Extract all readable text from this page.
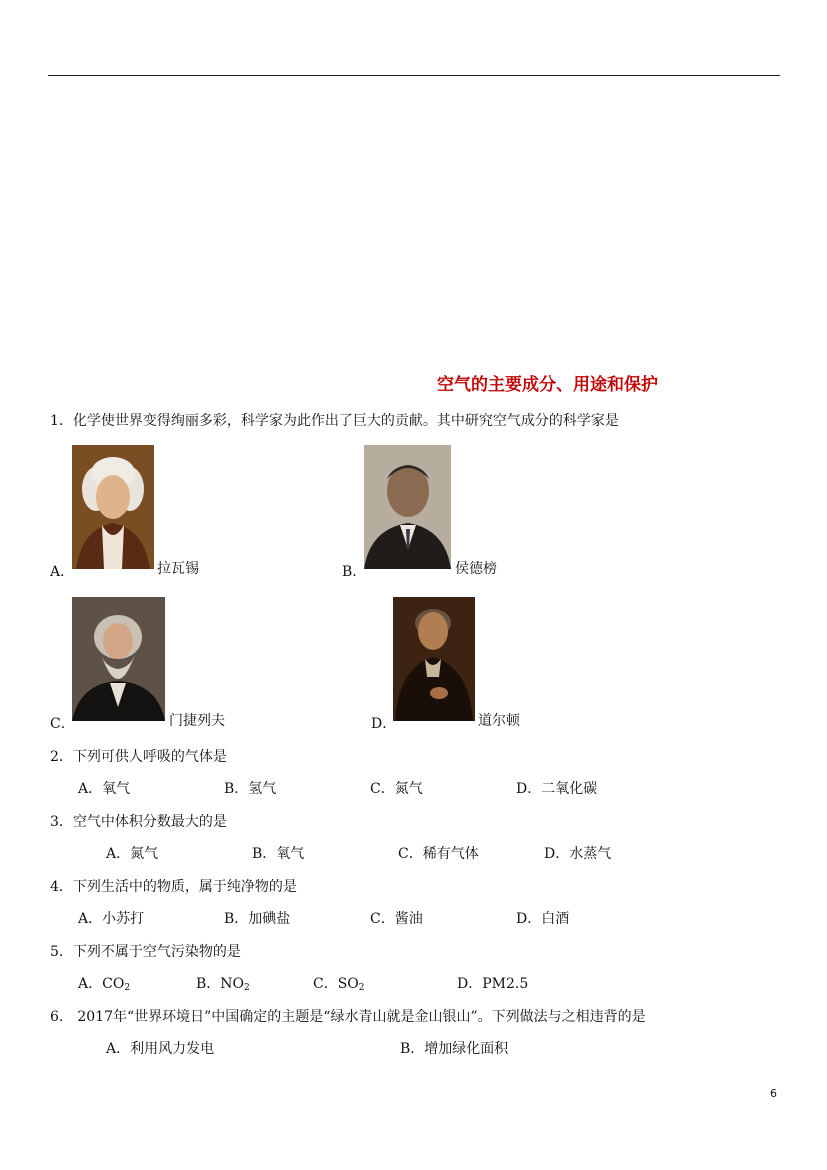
空气的主要成分、用途和保护
1．化学使世界变得绚丽多彩，科学家为此作出了巨大的贡献。其中研究空气成分的科学家是
A．	拉瓦锡	B．	侯德榜
C．	门捷列夫	D．	道尔顿
2．下列可供人呼吸的气体是
A．氧气	B．氢气	C．氮气	D．二氧化碳
3．空气中体积分数最大的是
A．氮气	B．氧气	C．稀有气体	D．水蒸气
4．下列生活中的物质，属于纯净物的是
A．小苏打	B．加碘盐	C．酱油	D．白酒
5．下列不属于空气污染物的是
A．$CO_2$	B．$NO_2$	C．$SO_2$	D．PM2.5
6． 2017年“世界环境日”中国确定的主题是“绿水青山就是金山银山”。下列做法与之相违背的是
A．利用风力发电	B．增加绿化面积
6
